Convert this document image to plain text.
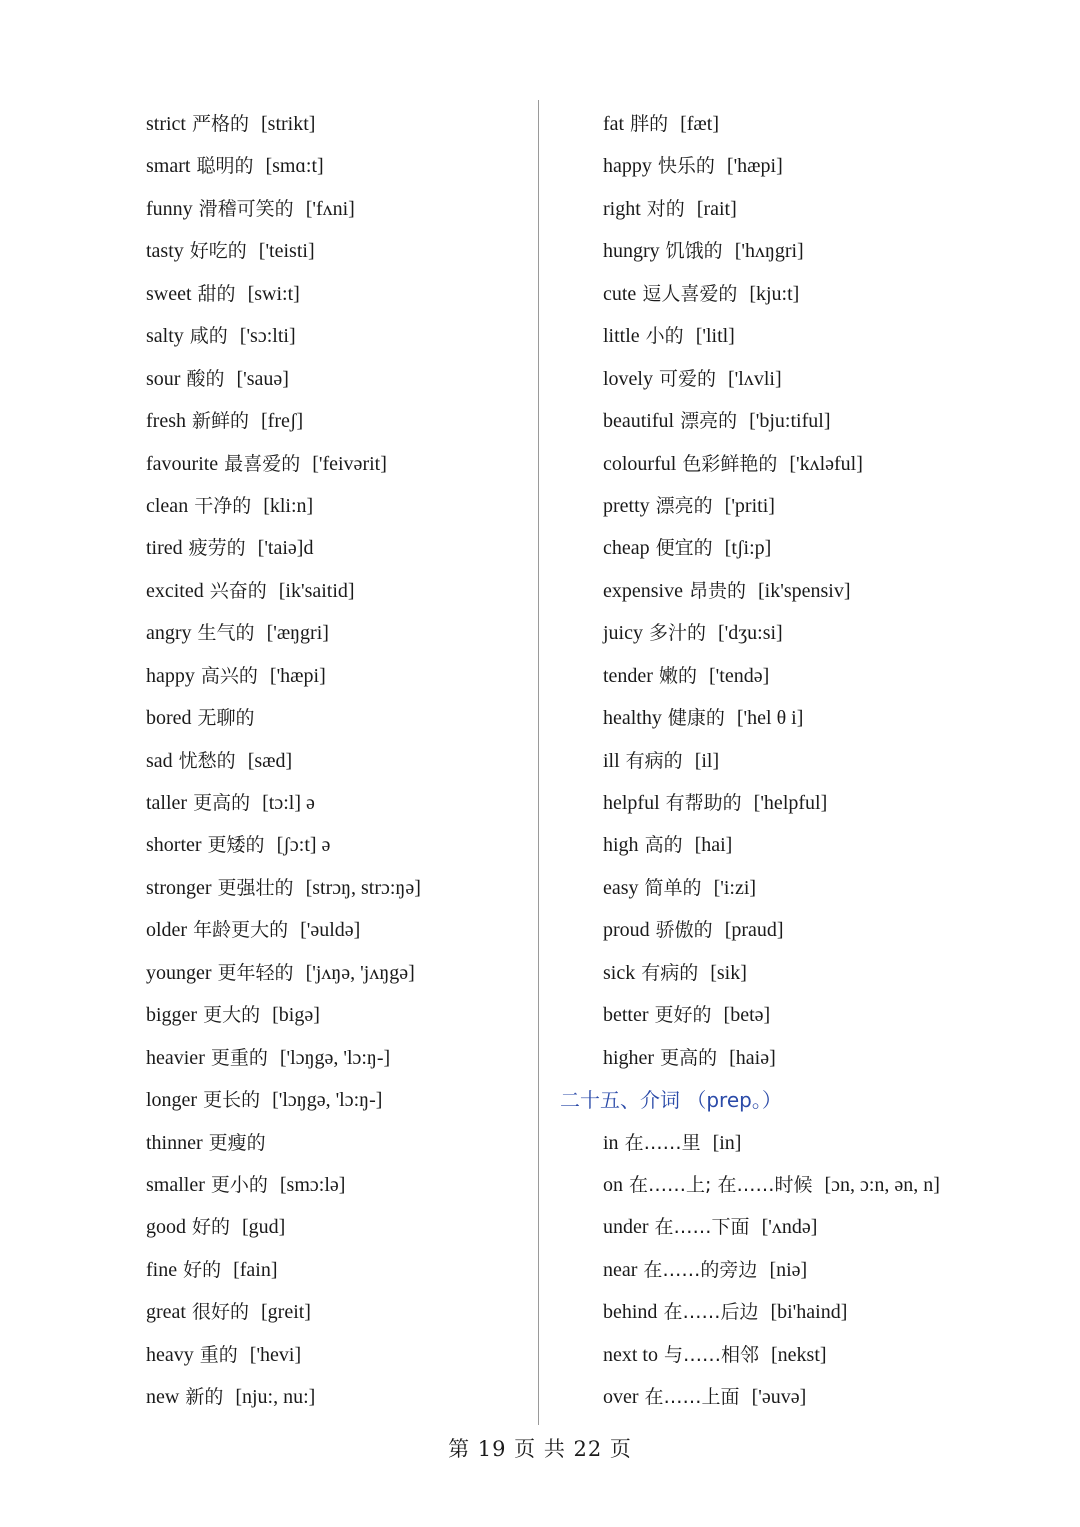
strict 严格的 [strikt]
smart 聪明的 [smɑ:t]
funny 滑稽可笑的 ['fʌni]
tasty 好吃的 ['teisti]
sweet 甜的 [swi:t]
salty 咸的 ['sɔ:lti]
sour 酸的 ['sauə]
fresh 新鲜的 [freʃ]
favourite 最喜爱的 ['feivərit]
clean 干净的 [kli:n]
tired 疲劳的 ['taiə]d
excited 兴奋的 [ik'saitid]
angry 生气的 ['æŋgri]
happy 高兴的 ['hæpi]
bored 无聊的
sad 忧愁的 [sæd]
taller 更高的 [tɔ:l] ə
shorter 更矮的 [ʃɔ:t] ə
stronger 更强壮的 [strɔŋ, strɔ:ŋə]
older 年龄更大的 ['əuldə]
younger 更年轻的 ['jʌŋə, 'jʌŋgə]
bigger 更大的 [bigə]
heavier 更重的 ['lɔŋgə, 'lɔ:ŋ-]
longer 更长的 ['lɔŋgə, 'lɔ:ŋ-]
thinner 更瘦的
smaller 更小的 [smɔ:lə]
good 好的 [gud]
fine 好的 [fain]
great 很好的 [greit]
heavy 重的 ['hevi]
new 新的 [nju:, nu:]
fat 胖的 [fæt]
happy 快乐的 ['hæpi]
right 对的 [rait]
hungry 饥饿的 ['hʌŋgri]
cute 逗人喜爱的 [kju:t]
little 小的 ['litl]
lovely 可爱的 ['lʌvli]
beautiful 漂亮的 ['bju:tiful]
colourful 色彩鲜艳的 ['kʌləful]
pretty 漂亮的 ['priti]
cheap 便宜的 [tʃi:p]
expensive 昂贵的 [ik'spensiv]
juicy 多汁的 ['dʒu:si]
tender 嫩的 ['tendə]
healthy 健康的 ['hel θ i]
ill 有病的 [il]
helpful 有帮助的 ['helpful]
high 高的 [hai]
easy 简单的 ['i:zi]
proud 骄傲的 [praud]
sick 有病的 [sik]
better 更好的 [betə]
higher 更高的 [haiə]
二十五、介词 （prep。）
in 在……里 [in]
on 在……上; 在……时候 [ɔn, ɔ:n, ən, n]
under 在……下面 ['ʌndə]
near 在……的旁边 [niə]
behind 在……后边 [bi'haind]
next to 与……相邻 [nekst]
over 在……上面 ['əuvə]
第 19 页 共 22 页
